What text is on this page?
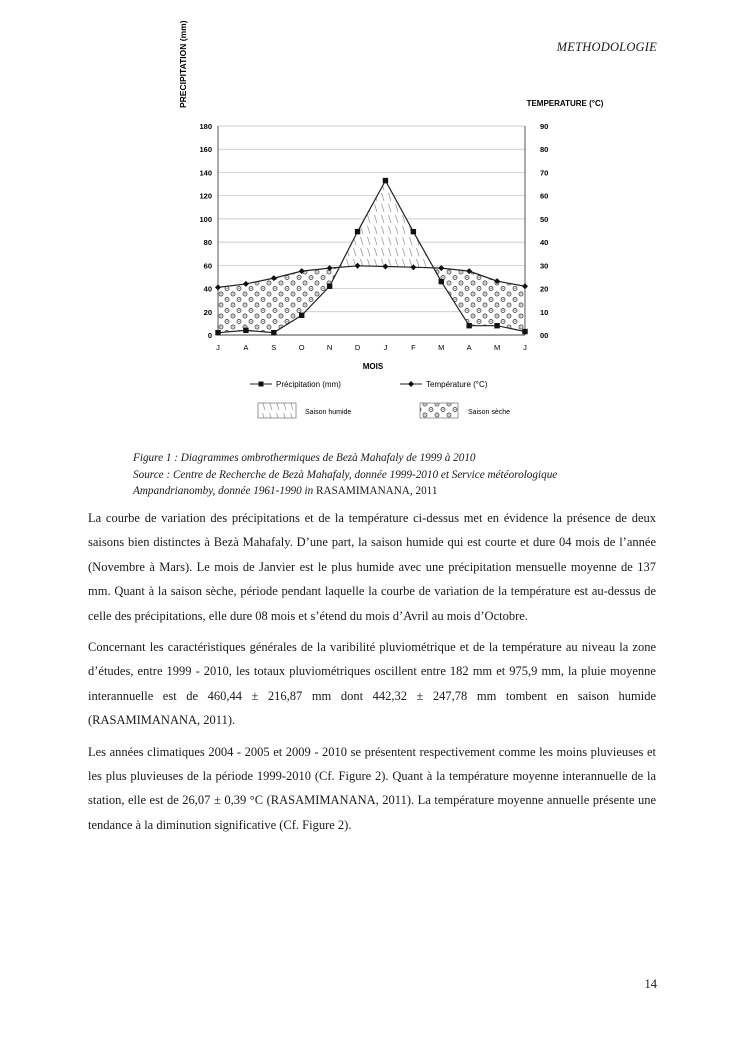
METHODOLOGIE
PRECIPITATION (mm)	TEMPERATURE (°C)
MOIS
0
20
40
60
80
100
120
140
160
180
00
10
20
30
40
50
60
70
80
90
J	A	S	O	N	D	J	F	M	A	M	J
Précipitation (mm)	Température (°C)
Saison humide	Saison sèche
Figure 1 : Diagrammes ombrothermiques de Bezà Mahafaly de 1999 à 2010
Source : Centre de Recherche de Bezà Mahafaly, donnée 1999-2010 et Service météorologique
Ampandrianomby, donnée 1961-1990 in RASAMIMANANA, 2011

La courbe de variation des précipitations et de la température ci-dessus met en évidence la présence de deux saisons bien distinctes à Bezà Mahafaly. D’une part, la saison humide qui est courte et dure 04 mois de l’année (Novembre à Mars). Le mois de Janvier est le plus humide avec une précipitation mensuelle moyenne de 137 mm. Quant à la saison sèche, période pendant laquelle la courbe de variation de la température est au-dessus de celle des précipitations, elle dure 08 mois et s’étend du mois d’Avril au mois d’Octobre.

Concernant les caractéristiques générales de la varibilité pluviométrique et de la température au niveau la zone d’études, entre 1999 - 2010, les totaux pluviométriques oscillent entre 182 mm et 975,9 mm, la pluie moyenne interannuelle est de 460,44 ± 216,87 mm dont 442,32 ± 247,78 mm tombent en saison humide (RASAMIMANANA, 2011).

Les années climatiques 2004 - 2005 et 2009 - 2010 se présentent respectivement comme les moins pluvieuses et les plus pluvieuses de la période 1999-2010 (Cf. Figure 2). Quant à la température moyenne interannuelle de la station, elle est de 26,07 ± 0,39 °C (RASAMIMANANA, 2011). La température moyenne annuelle présente une tendance à la diminution significative (Cf. Figure 2).

14
